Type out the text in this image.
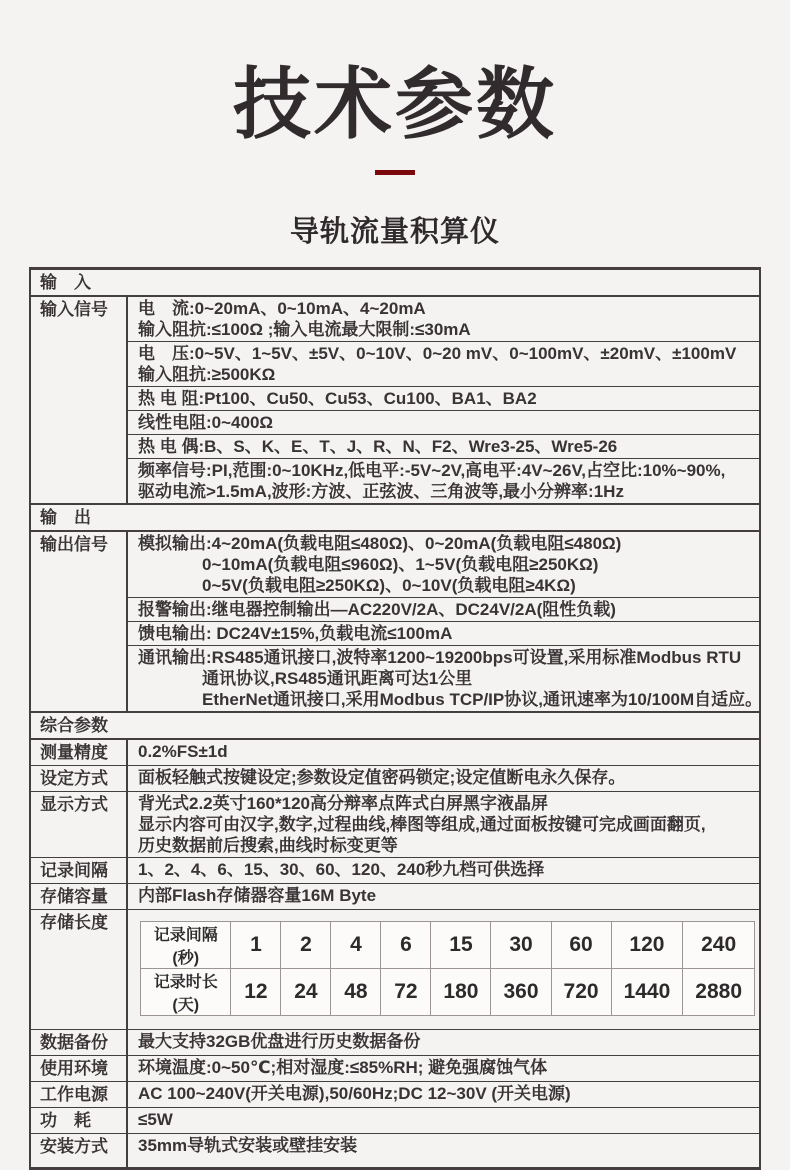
技术参数
导轨流量积算仪
输　入
输入信号	电　流:0~20mA、0~10mA、4~20mA
输入阻抗:≤100Ω ;输入电流最大限制:≤30mA
电　压:0~5V、1~5V、±5V、0~10V、0~20 mV、0~100mV、±20mV、±100mV
输入阻抗:≥500KΩ
热 电 阻:Pt100、Cu50、Cu53、Cu100、BA1、BA2
线性电阻:0~400Ω
热 电 偶:B、S、K、E、T、J、R、N、F2、Wre3-25、Wre5-26
频率信号:PI,范围:0~10KHz,低电平:-5V~2V,高电平:4V~26V,占空比:10%~90%,
驱动电流>1.5mA,波形:方波、正弦波、三角波等,最小分辨率:1Hz
输　出
输出信号	模拟输出:4~20mA(负载电阻≤480Ω)、0~20mA(负载电阻≤480Ω)
0~10mA(负载电阻≤960Ω)、1~5V(负载电阻≥250KΩ)
0~5V(负载电阻≥250KΩ)、0~10V(负载电阻≥4KΩ)
报警输出:继电器控制输出—AC220V/2A、DC24V/2A(阻性负载)
馈电输出: DC24V±15%,负载电流≤100mA
通讯输出:RS485通讯接口,波特率1200~19200bps可设置,采用标准Modbus RTU
通讯协议,RS485通讯距离可达1公里
EtherNet通讯接口,采用Modbus TCP/IP协议,通讯速率为10/100M自适应。
综合参数
测量精度	0.2%FS±1d
设定方式	面板轻触式按键设定;参数设定值密码锁定;设定值断电永久保存。
显示方式	背光式2.2英寸160*120高分辩率点阵式白屏黑字液晶屏
显示内容可由汉字,数字,过程曲线,棒图等组成,通过面板按键可完成画面翻页,
历史数据前后搜索,曲线时标变更等
记录间隔	1、2、4、6、15、30、60、120、240秒九档可供选择
存储容量	内部Flash存储器容量16M Byte
存储长度
记录间隔(秒)	1	2	4	6	15	30	60	120	240
记录时长(天)	12	24	48	72	180	360	720	1440	2880
数据备份	最大支持32GB优盘进行历史数据备份
使用环境	环境温度:0~50℃;相对湿度:≤85%RH; 避免强腐蚀气体
工作电源	AC 100~240V(开关电源),50/60Hz;DC 12~30V (开关电源)
功　耗	≤5W
安装方式	35mm导轨式安装或壁挂安装
